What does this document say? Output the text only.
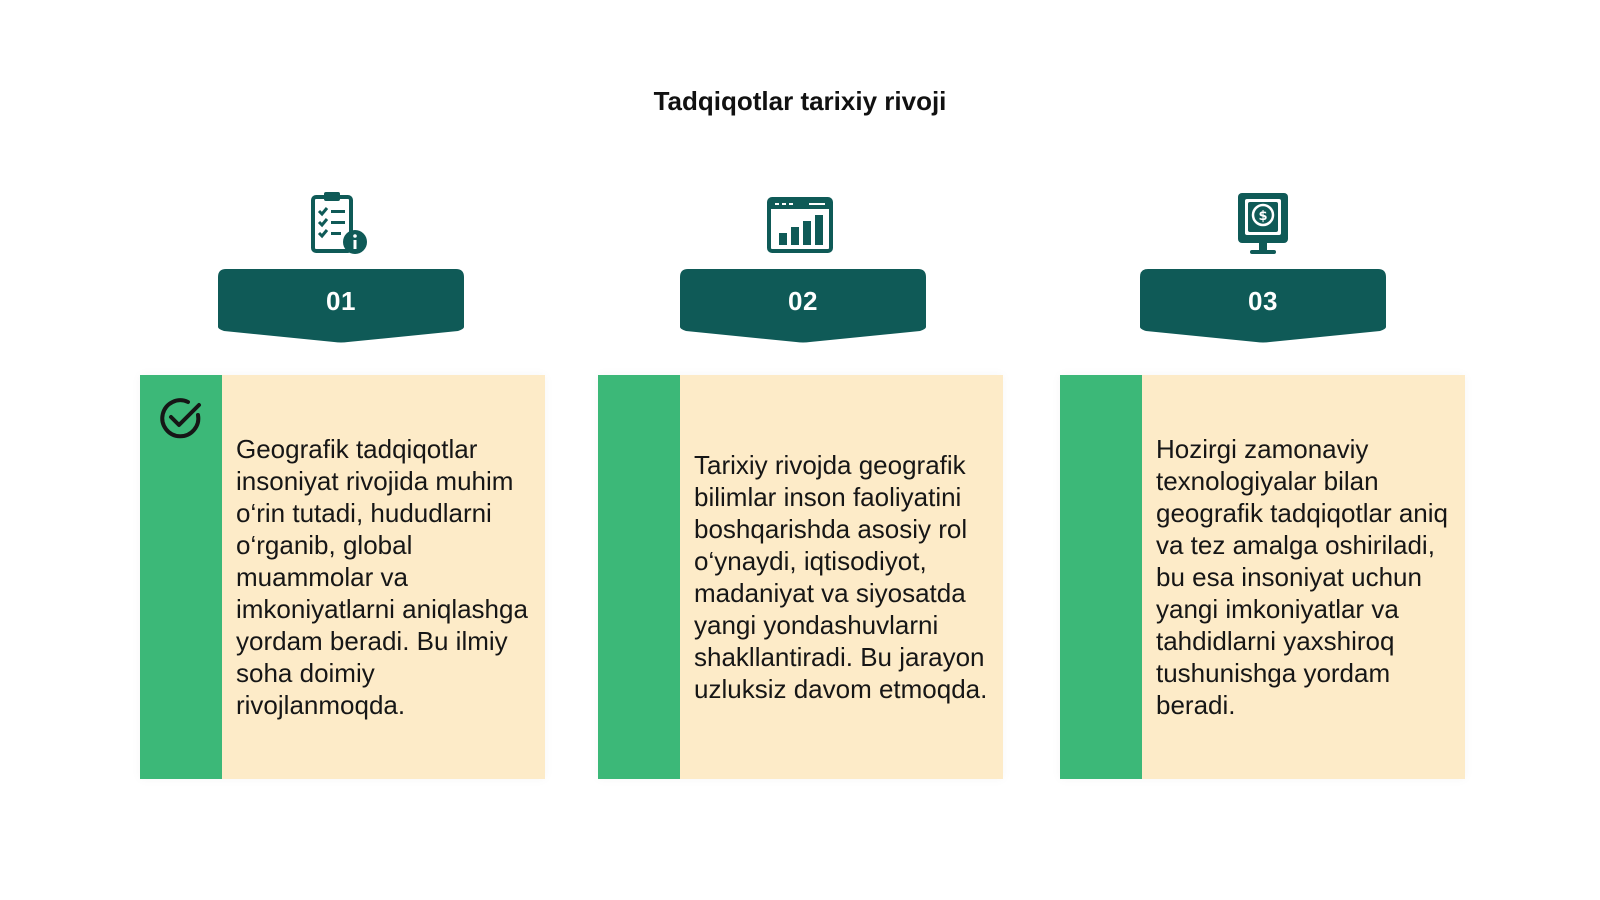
Tadqiqotlar tarixiy rivoji
01
Geografik tadqiqotlar insoniyat rivojida muhim o‘rin tutadi, hududlarni o‘rganib, global muammolar va imkoniyatlarni aniqlashga yordam beradi. Bu ilmiy soha doimiy rivojlanmoqda.
02
Tarixiy rivojda geografik bilimlar inson faoliyatini boshqarishda asosiy rol o‘ynaydi, iqtisodiyot, madaniyat va siyosatda yangi yondashuvlarni shakllantiradi. Bu jarayon uzluksiz davom etmoqda.
$
03
Hozirgi zamonaviy texnologiyalar bilan geografik tadqiqotlar aniq va tez amalga oshiriladi, bu esa insoniyat uchun yangi imkoniyatlar va tahdidlarni yaxshiroq tushunishga yordam beradi.
